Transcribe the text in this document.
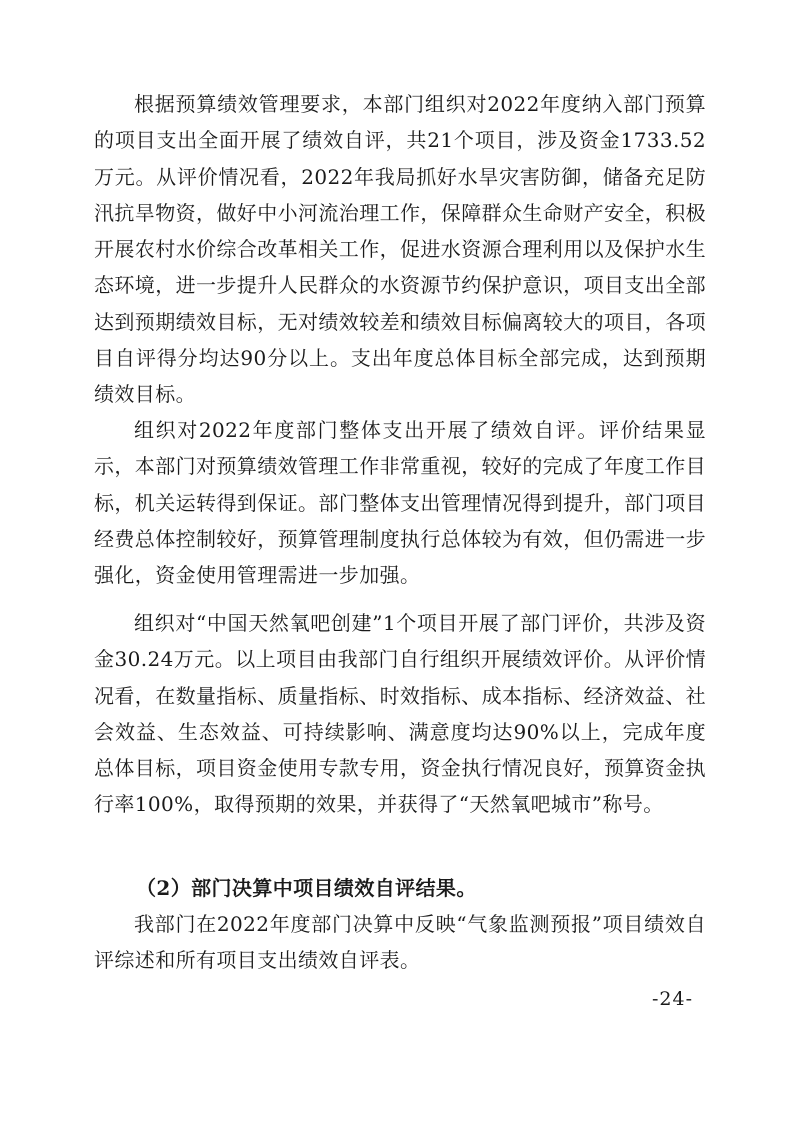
根据预算绩效管理要求，本部门组织对2022年度纳入部门预算的项目支出全面开展了绩效自评，共21个项目，涉及资金1733.52万元。从评价情况看，2022年我局抓好水旱灾害防御，储备充足防汛抗旱物资，做好中小河流治理工作，保障群众生命财产安全，积极开展农村水价综合改革相关工作，促进水资源合理利用以及保护水生态环境，进一步提升人民群众的水资源节约保护意识，项目支出全部达到预期绩效目标，无对绩效较差和绩效目标偏离较大的项目，各项目自评得分均达90分以上。支出年度总体目标全部完成，达到预期绩效目标。

组织对2022年度部门整体支出开展了绩效自评。评价结果显示，本部门对预算绩效管理工作非常重视，较好的完成了年度工作目标，机关运转得到保证。部门整体支出管理情况得到提升，部门项目经费总体控制较好，预算管理制度执行总体较为有效，但仍需进一步强化，资金使用管理需进一步加强。

组织对“中国天然氧吧创建”1个项目开展了部门评价，共涉及资金30.24万元。以上项目由我部门自行组织开展绩效评价。从评价情况看，在数量指标、质量指标、时效指标、成本指标、经济效益、社会效益、生态效益、可持续影响、满意度均达90%以上，完成年度总体目标，项目资金使用专款专用，资金执行情况良好，预算资金执行率100%，取得预期的效果，并获得了“天然氧吧城市”称号。

（2）部门决算中项目绩效自评结果。

我部门在2022年度部门决算中反映“气象监测预报”项目绩效自评综述和所有项目支出绩效自评表。

-24-
